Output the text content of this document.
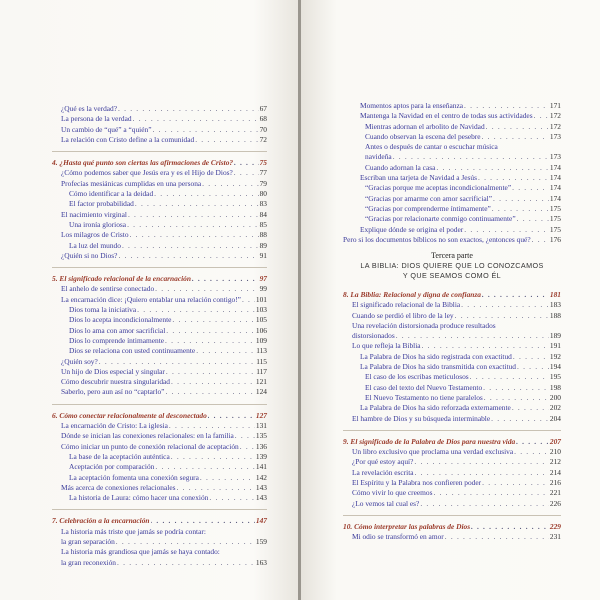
¿Qué es la verdad? . . .	67
La persona de la verdad . . .	68
Un cambio de “qué” a “quién” . . .	70
La relación con Cristo define a la comunidad . . .	72
4. ¿Hasta qué punto son ciertas las afirmaciones de Cristo? . . .	75
¿Cómo podemos saber que Jesús era y es el Hijo de Dios? . . .	77
Profecías mesiánicas cumplidas en una persona . . .	79
Cómo identificar a la deidad . . .	80
El factor probabilidad . . .	83
El nacimiento virginal . . .	84
Una ironía gloriosa . . .	85
Los milagros de Cristo . . .	88
La luz del mundo . . .	89
¿Quién si no Dios? . . .	91
5. El significado relacional de la encarnación . . .	97
El anhelo de sentirse conectado . . .	99
La encarnación dice: ¡Quiero entablar una relación contigo!” . . . 101
Dios toma la iniciativa . . .	103
Dios lo acepta incondicionalmente . . .	105
Dios lo ama con amor sacrificial . . .	106
Dios lo comprende íntimamente . . .	109
Dios se relaciona con usted continuamente . . .	113
¿Quién soy? . . .	115
Un hijo de Dios especial y singular . . .	117
Cómo descubrir nuestra singularidad . . .	121
Saberlo, pero aun así no “captarlo” . . .	124
6. Cómo conectar relacionalmente al desconectado . . .	127
La encarnación de Cristo: La iglesia . . .	131
Dónde se inician las conexiones relacionales: en la familia . . .	135
Cómo iniciar un punto de conexión relacional de aceptación . . . 136
La base de la aceptación auténtica . . .	139
Aceptación por comparación . . .	141
La aceptación fomenta una conexión segura . . .	142
Más acerca de conexiones relacionales . . .	143
La historia de Laura: cómo hacer una conexión . . .	143
7. Celebración a la encarnación . . .	147
La historia más triste que jamás se podría contar:
la gran separación . . .	159
La historia más grandiosa que jamás se haya contado:
la gran reconexión . . .	163
Momentos aptos para la enseñanza . . .	171
Mantenga la Navidad en el centro de todas sus actividades . . . 172
Mientras adornan el arbolito de Navidad . . .	172
Cuando observan la escena del pesebre . . .	173
Antes o después de cantar o escuchar música
navideña . . .	173
Cuando adornan la casa . . .	174
Escriban una tarjeta de Navidad a Jesús . . .	174
“Gracias porque me aceptas incondicionalmente” . . .	174
“Gracias por amarme con amor sacrificial” . . .	174
“Gracias por comprenderme íntimamente” . . .	175
“Gracias por relacionarte conmigo continuamente” . . .	175
Explique dónde se origina el poder . . .	175
Pero si los documentos bíblicos no son exactos, ¿entonces qué? . . .	176
Tercera parte
LA BIBLIA: DIOS QUIERE QUE LO CONOZCAMOS
Y QUE SEAMOS COMO ÉL
8. La Biblia: Relacional y digna de confianza . . .	181
El significado relacional de la Biblia . . .	183
Cuando se perdió el libro de la ley . . .	188
Una revelación distorsionada produce resultados
distorsionados . . .	189
Lo que refleja la Biblia . . .	191
La Palabra de Dios ha sido registrada con exactitud . . .	192
La Palabra de Dios ha sido transmitida con exactitud . . .	194
El caso de los escribas meticulosos . . .	195
El caso del texto del Nuevo Testamento . . .	198
El Nuevo Testamento no tiene paralelos . . .	200
La Palabra de Dios ha sido reforzada externamente . . .	202
El hambre de Dios y su búsqueda interminable . . .	204
9. El significado de la Palabra de Dios para nuestra vida . . .	207
Un libro exclusivo que proclama una verdad exclusiva . . .	210
¿Por qué estoy aquí? . . .	212
La revelación escrita . . .	214
El Espíritu y la Palabra nos confieren poder . . .	216
Cómo vivir lo que creemos . . .	221
¿Lo vemos tal cual es? . . .	226
10. Cómo interpretar las palabras de Dios . . .	229
Mi odio se transformó en amor . . .	231
